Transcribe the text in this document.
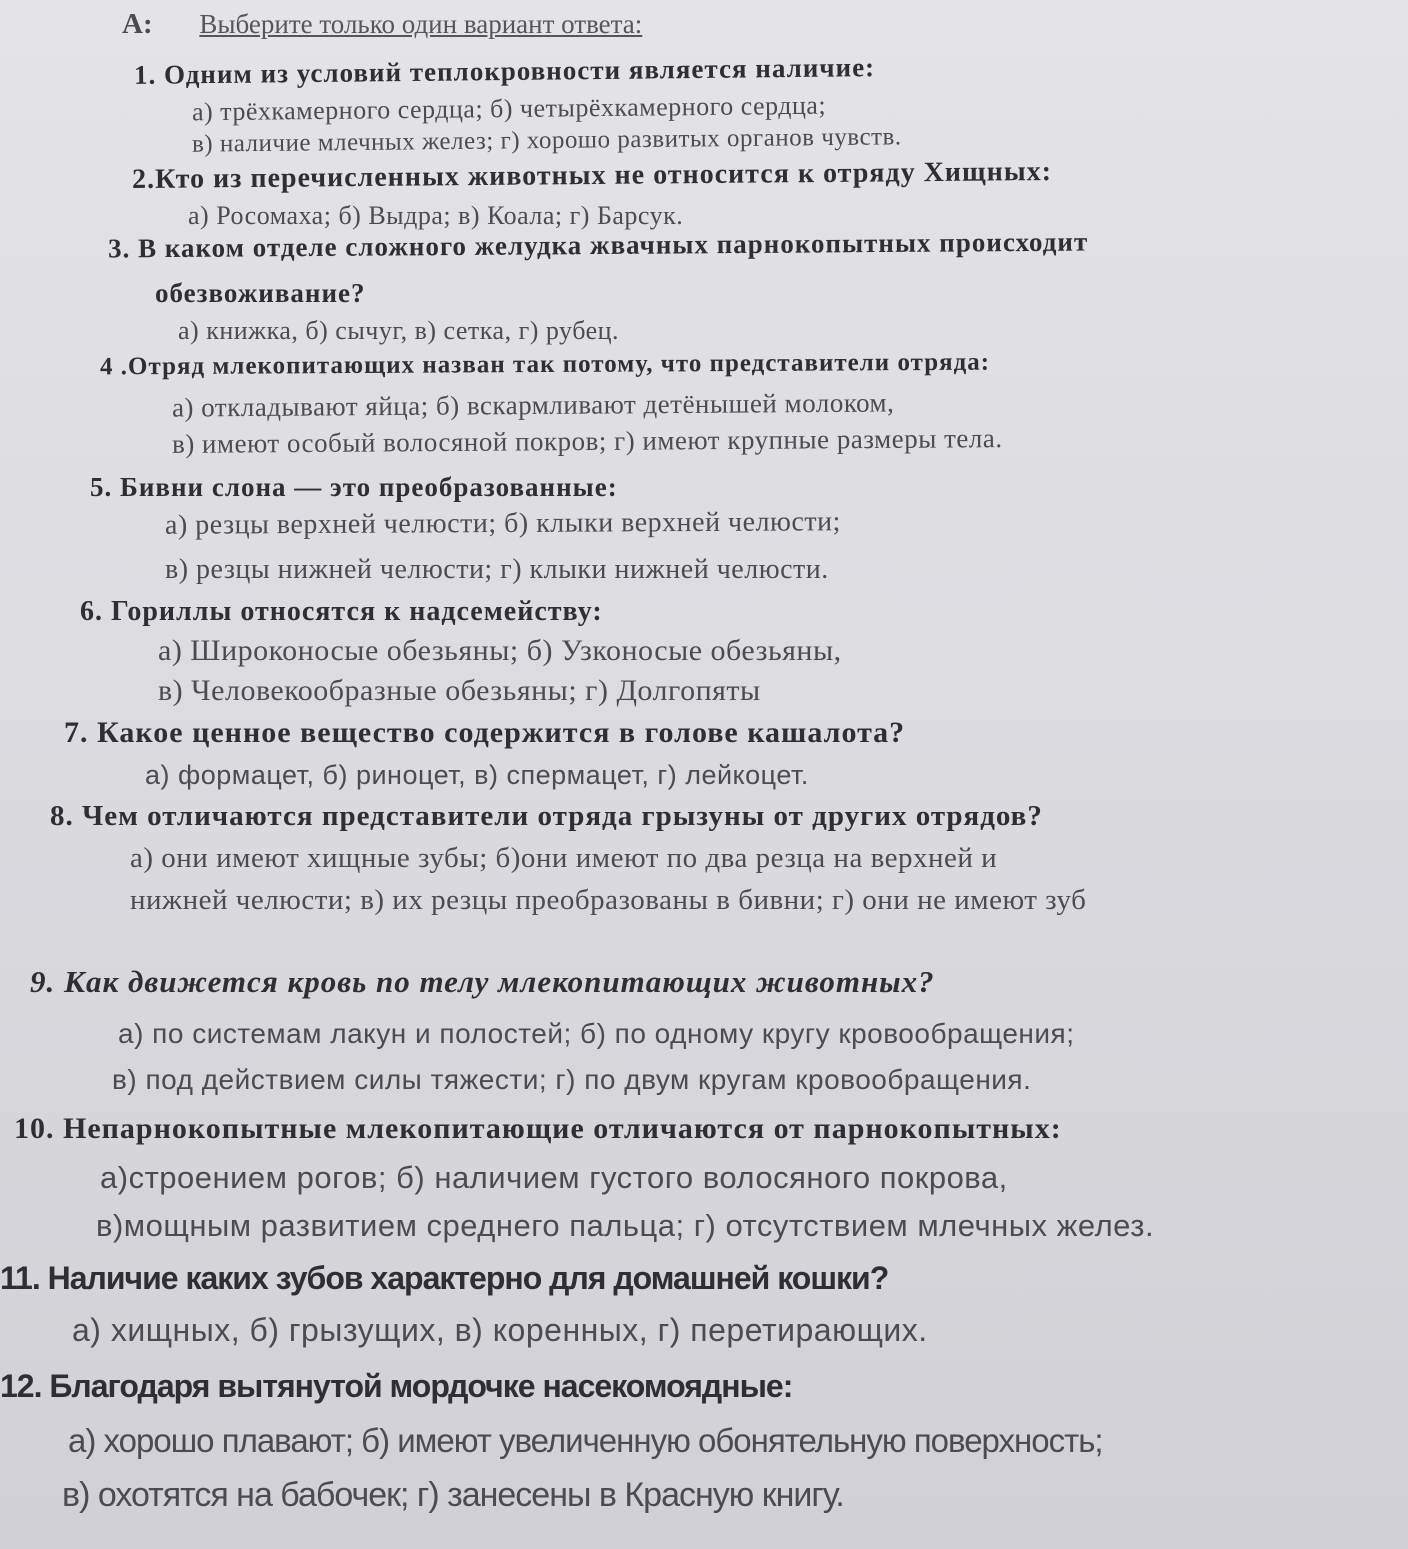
А: Выберите только один вариант ответа:
1. Одним из условий теплокровности является наличие:
а) трёхкамерного сердца; б) четырёхкамерного сердца;
в) наличие млечных желез; г) хорошо развитых органов чувств.
2.Кто из перечисленных животных не относится к отряду Хищных:
а) Росомаха; б) Выдра; в) Коала; г) Барсук.
3. В каком отделе сложного желудка жвачных парнокопытных происходит
обезвоживание?
а) книжка, б) сычуг, в) сетка, г) рубец.
4 .Отряд млекопитающих назван так потому, что представители отряда:
а) откладывают яйца; б) вскармливают детёнышей молоком,
в) имеют особый волосяной покров; г) имеют крупные размеры тела.
5. Бивни слона — это преобразованные:
а) резцы верхней челюсти; б) клыки верхней челюсти;
в) резцы нижней челюсти; г) клыки нижней челюсти.
6. Гориллы относятся к надсемейству:
а) Широконосые обезьяны; б) Узконосые обезьяны,
в) Человекообразные обезьяны; г) Долгопяты
7. Какое ценное вещество содержится в голове кашалота?
а) формацет, б) риноцет, в) спермацет, г) лейкоцет.
8. Чем отличаются представители отряда грызуны от других отрядов?
а) они имеют хищные зубы; б)они имеют по два резца на верхней и
нижней челюсти; в) их резцы преобразованы в бивни; г) они не имеют зуб
9. Как движется кровь по телу млекопитающих животных?
а) по системам лакун и полостей; б) по одному кругу кровообращения;
в) под действием силы тяжести; г) по двум кругам кровообращения.
10. Непарнокопытные млекопитающие отличаются от парнокопытных:
а)строением рогов; б) наличием густого волосяного покрова,
в)мощным развитием среднего пальца; г) отсутствием млечных желез.
11. Наличие каких зубов характерно для домашней кошки?
а) хищных, б) грызущих, в) коренных, г) перетирающих.
12. Благодаря вытянутой мордочке насекомоядные:
а) хорошо плавают; б) имеют увеличенную обонятельную поверхность;
в) охотятся на бабочек; г) занесены в Красную книгу.
